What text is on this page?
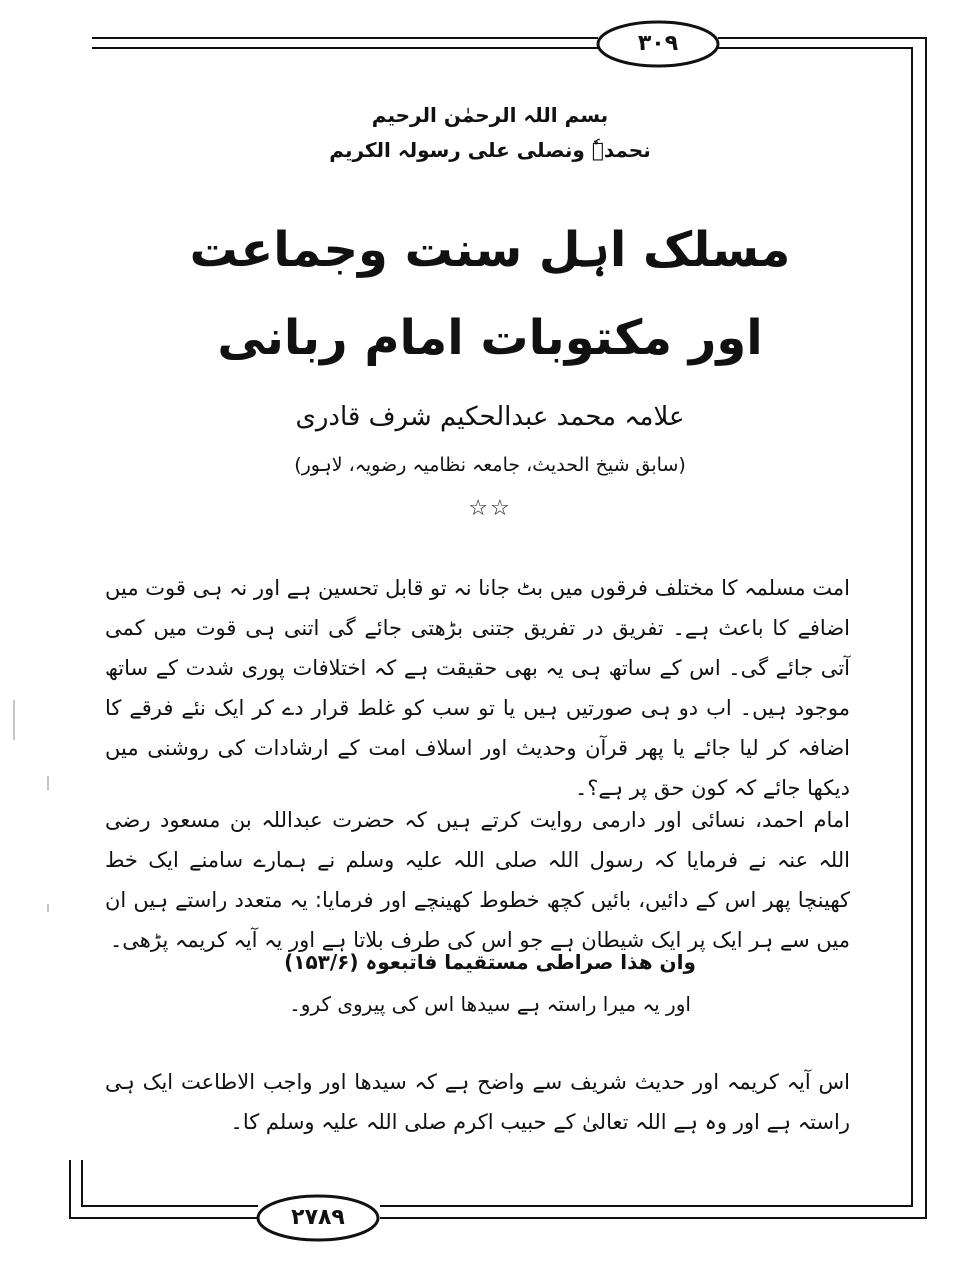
۳۰۹
۲۷۸۹
بسم اللہ الرحمٰن الرحیم
نحمدہٗ ونصلی علی رسولہ الکریم
مسلک اہل سنت وجماعت
اور مکتوبات امام ربانی
علامہ محمد عبدالحکیم شرف قادری
(سابق شیخ الحدیث، جامعہ نظامیہ رضویہ، لاہور)
☆☆
امت مسلمہ کا مختلف فرقوں میں بٹ جانا نہ تو قابل تحسین ہے اور نہ ہی قوت میں اضافے کا باعث ہے۔ تفریق در تفریق جتنی بڑھتی جائے گی اتنی ہی قوت میں کمی آتی جائے گی۔ اس کے ساتھ ہی یہ بھی حقیقت ہے کہ اختلافات پوری شدت کے ساتھ موجود ہیں۔ اب دو ہی صورتیں ہیں یا تو سب کو غلط قرار دے کر ایک نئے فرقے کا اضافہ کر لیا جائے یا پھر قرآن وحدیث اور اسلاف امت کے ارشادات کی روشنی میں دیکھا جائے کہ کون حق پر ہے؟۔
امام احمد، نسائی اور دارمی روایت کرتے ہیں کہ حضرت عبداللہ بن مسعود رضی اللہ عنہ نے فرمایا کہ رسول اللہ صلی اللہ علیہ وسلم نے ہمارے سامنے ایک خط کھینچا پھر اس کے دائیں، بائیں کچھ خطوط کھینچے اور فرمایا: یہ متعدد راستے ہیں ان میں سے ہر ایک پر ایک شیطان ہے جو اس کی طرف بلاتا ہے اور یہ آیہ کریمہ پڑھی۔
وان ھذا صراطی مستقیما فاتبعوہ (۱۵۳/۶)
اور یہ میرا راستہ ہے سیدھا اس کی پیروی کرو۔
اس آیہ کریمہ اور حدیث شریف سے واضح ہے کہ سیدھا اور واجب الاطاعت ایک ہی راستہ ہے اور وہ ہے اللہ تعالیٰ کے حبیب اکرم صلی اللہ علیہ وسلم کا۔
